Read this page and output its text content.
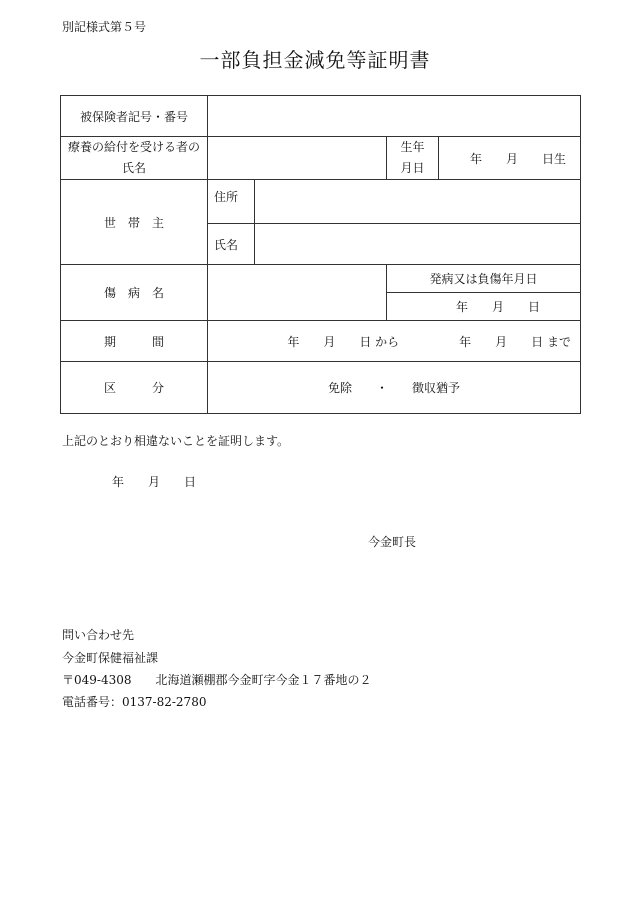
別記様式第５号
一部負担金減免等証明書
被保険者記号・番号				
療養の給付を受ける者の
氏名			生年
月日	年　　月　　日生
世　帯　主	住所			
	氏名			
傷　病　名			発病又は負傷年月日	
			年　　月　　日	
期　　　間	年　　月　　日 から　　　　　年　　月　　日 まで			
区　　　分	免除　　・　　徴収猶予			
上記のとおり相違ないことを証明します。
年　　月　　日
今金町長
問い合わせ先
今金町保健福祉課
〒049-4308　　北海道瀬棚郡今金町字今金１７番地の２
電話番号：0137-82-2780
